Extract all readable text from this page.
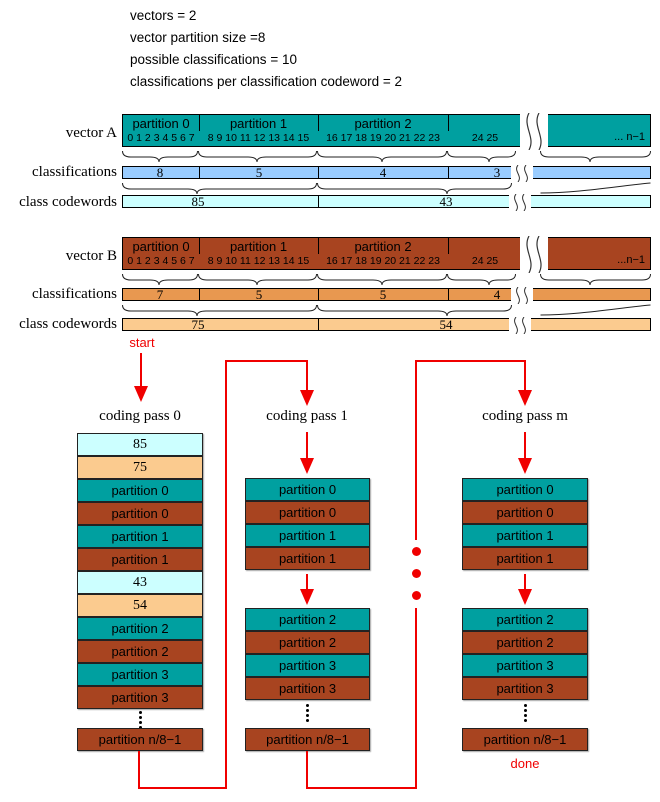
vectors = 2
vector partition size =8
possible classifications = 10
classifications per classification codeword = 2
vector A
classifications
class codewords
partition 0	partition 1	partition 2
0 1 2 3 4 5 6 7	8 9 10 11 12 13 14 15	16 17 18 19 20 21 22 23	24 25	... n−1
8	5	4	3
85	43
vector B
classifications
class codewords
partition 0	partition 1	partition 2
0 1 2 3 4 5 6 7	8 9 10 11 12 13 14 15	16 17 18 19 20 21 22 23	24 25	...n−1
7	5	5	4
75	54
start
coding pass 0	coding pass 1	coding pass m
85
75
partition 0
partition 0
partition 1
partition 1
43
54
partition 2
partition 2
partition 3
partition 3
partition n/8−1
partition 0
partition 0
partition 1
partition 1
partition 2
partition 2
partition 3
partition 3
partition n/8−1
partition 0
partition 0
partition 1
partition 1
partition 2
partition 2
partition 3
partition 3
partition n/8−1
done
